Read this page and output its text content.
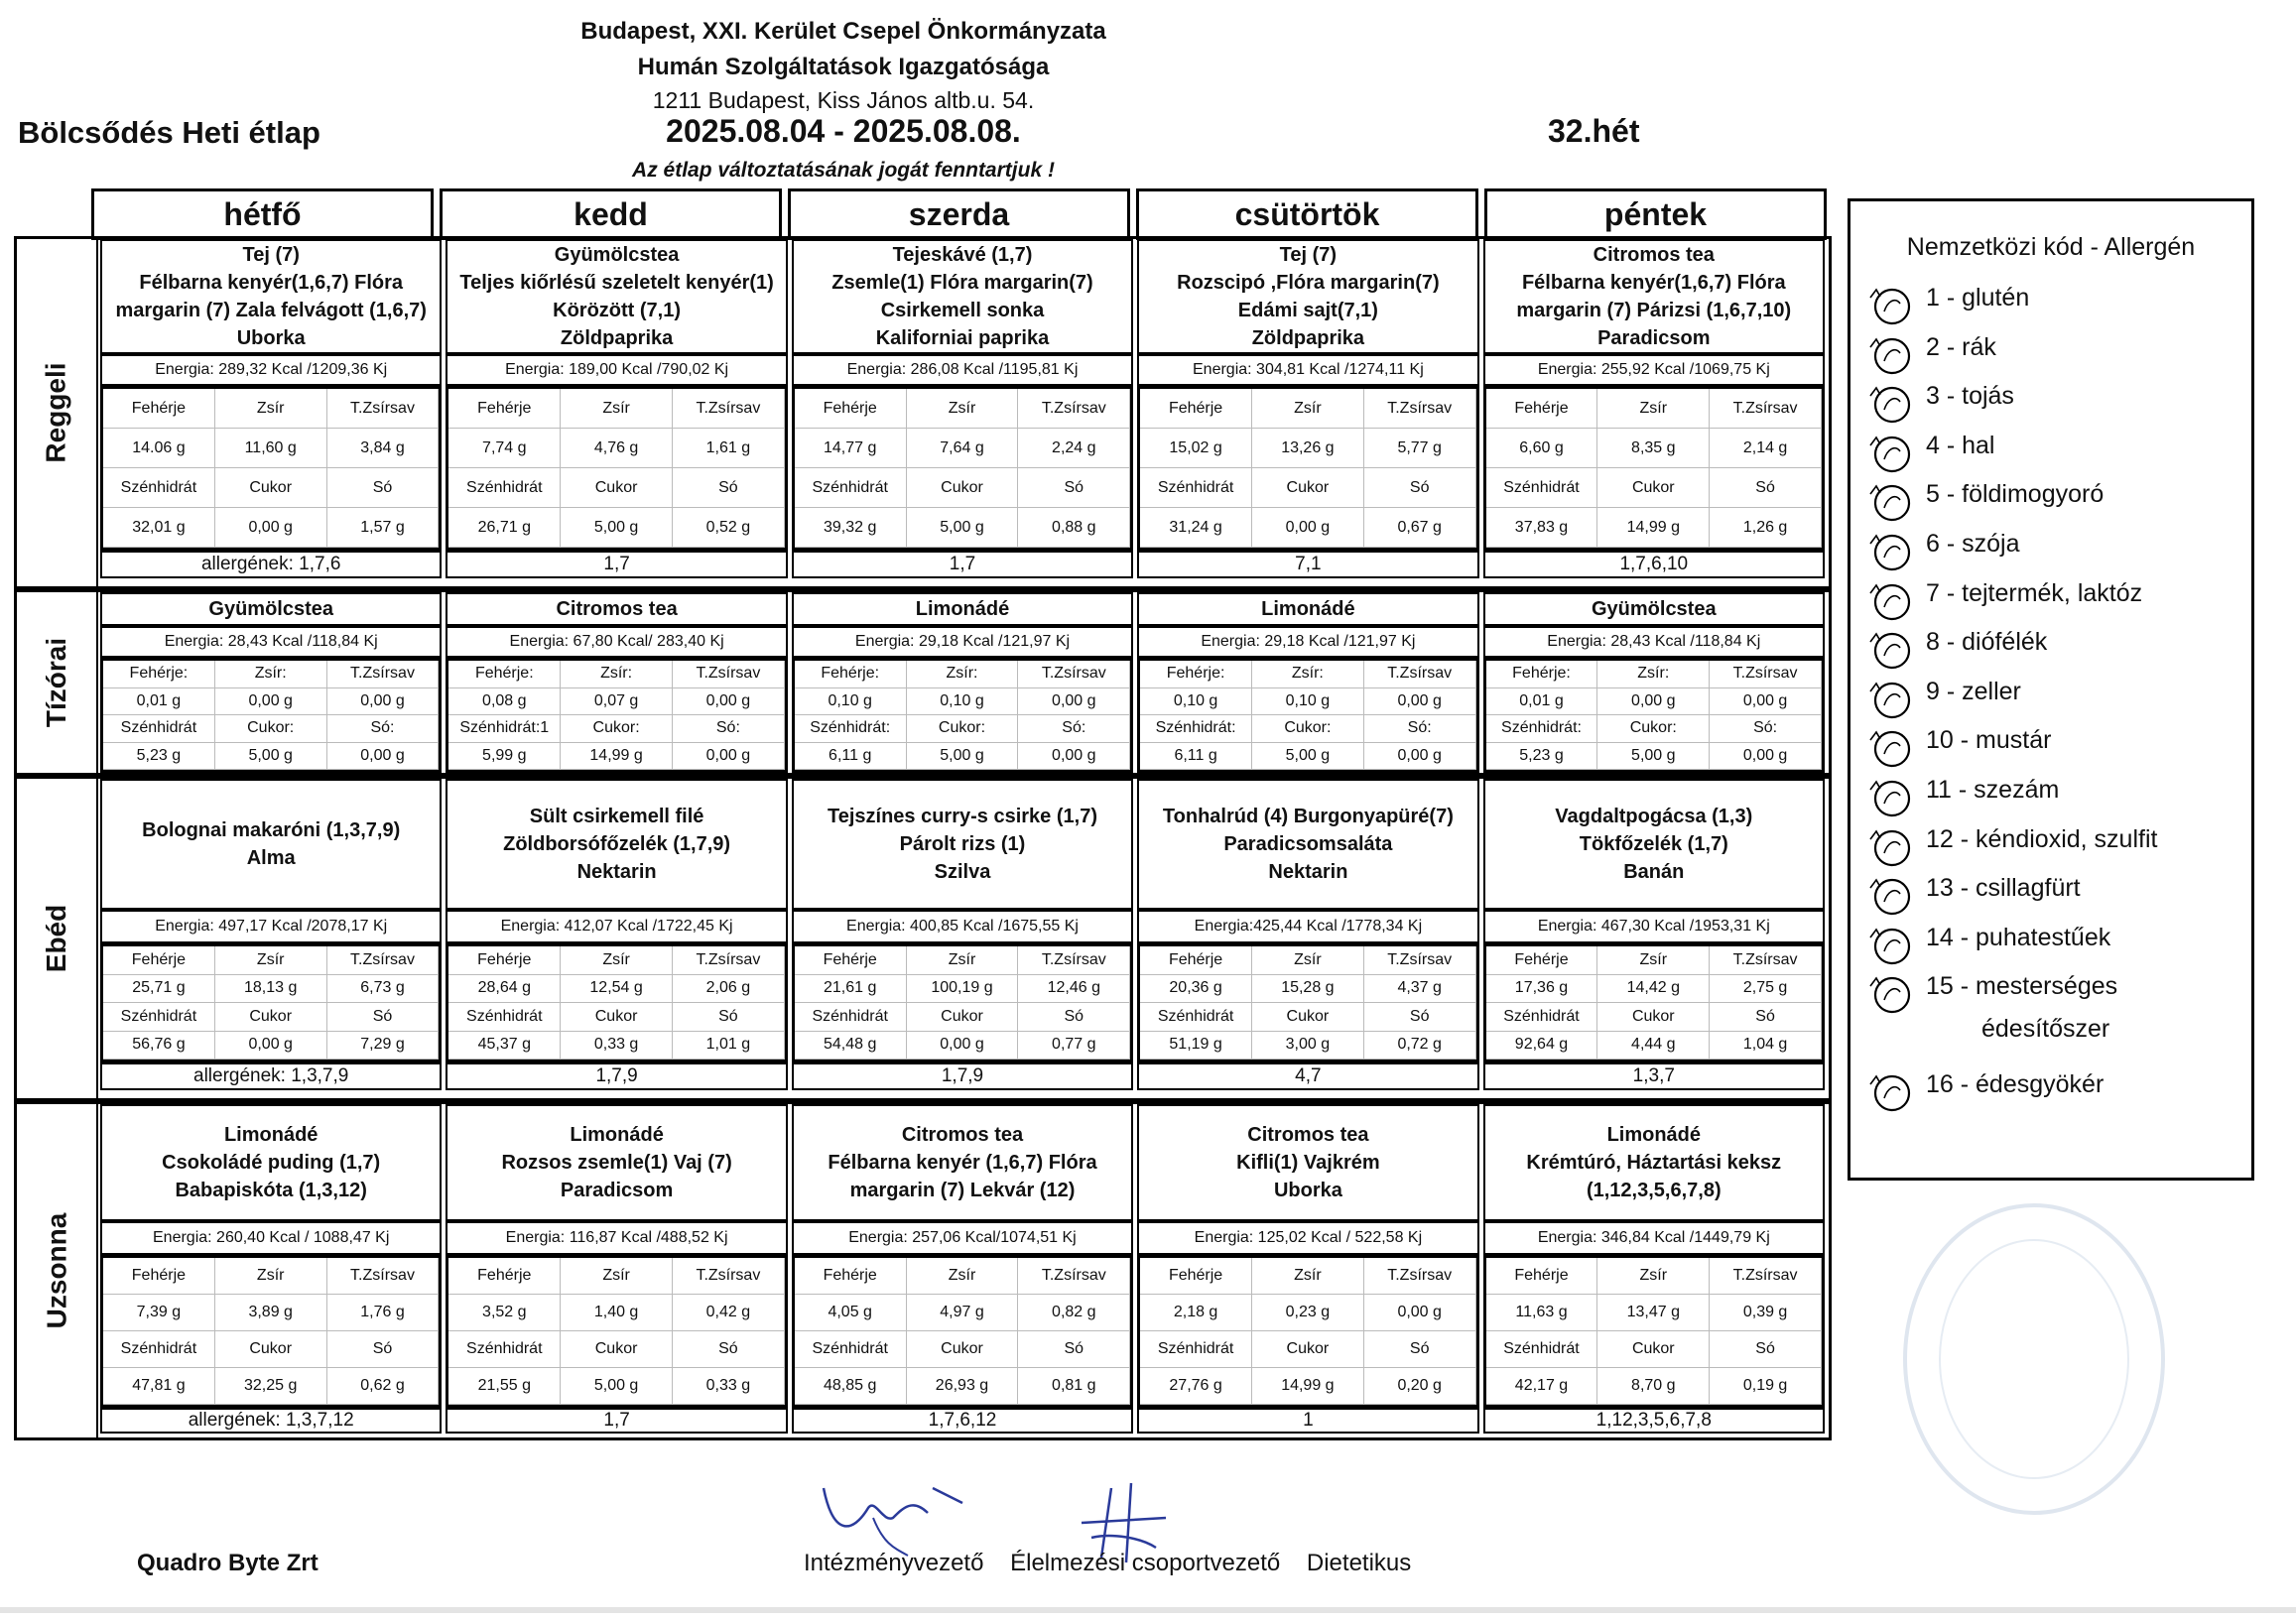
Budapest, XXI. Kerület Csepel Önkormányzata
Humán Szolgáltatások Igazgatósága
1211 Budapest, Kiss János altb.u. 54.
Bölcsődés Heti étlap	2025.08.04 - 2025.08.08.	32.hét
Az étlap változtatásának jogát fenntartjuk !
hétfő	kedd	szerda	csütörtök	péntek
Reggeli
Tej (7)
Félbarna kenyér(1,6,7) Flóra
margarin (7) Zala felvágott (1,6,7)
Uborka
Energia: 289,32 Kcal /1209,36 Kj
Fehérje	Zsír	T.Zsírsav
14.06 g	11,60 g	3,84 g
Szénhidrát	Cukor	Só
32,01 g	0,00 g	1,57 g
allergének: 1,7,6
Gyümölcstea
Teljes kiőrlésű szeletelt kenyér(1)
Körözött (7,1)
Zöldpaprika
Energia: 189,00 Kcal /790,02 Kj
Fehérje	Zsír	T.Zsírsav
7,74 g	4,76 g	1,61 g
Szénhidrát	Cukor	Só
26,71 g	5,00 g	0,52 g
1,7
Tejeskávé (1,7)
Zsemle(1) Flóra margarin(7)
Csirkemell sonka
Kaliforniai paprika
Energia: 286,08 Kcal /1195,81 Kj
Fehérje	Zsír	T.Zsírsav
14,77 g	7,64 g	2,24 g
Szénhidrát	Cukor	Só
39,32 g	5,00 g	0,88 g
1,7
Tej (7)
Rozscipó ,Flóra margarin(7)
Edámi sajt(7,1)
Zöldpaprika
Energia: 304,81 Kcal /1274,11 Kj
Fehérje	Zsír	T.Zsírsav
15,02 g	13,26 g	5,77 g
Szénhidrát	Cukor	Só
31,24 g	0,00 g	0,67 g
7,1
Citromos tea
Félbarna kenyér(1,6,7) Flóra
margarin (7) Párizsi (1,6,7,10)
Paradicsom
Energia: 255,92 Kcal /1069,75 Kj
Fehérje	Zsír	T.Zsírsav
6,60 g	8,35 g	2,14 g
Szénhidrát	Cukor	Só
37,83 g	14,99 g	1,26 g
1,7,6,10
Tízórai
Gyümölcstea
Energia: 28,43 Kcal /118,84 Kj
Fehérje:	Zsír:	T.Zsírsav
0,01 g	0,00 g	0,00 g
Szénhidrát	Cukor:	Só:
5,23 g	5,00 g	0,00 g
Citromos tea
Energia: 67,80 Kcal/ 283,40 Kj
Fehérje:	Zsír:	T.Zsírsav
0,08 g	0,07 g	0,00 g
Szénhidrát:1	Cukor:	Só:
5,99 g	14,99 g	0,00 g
Limonádé
Energia: 29,18 Kcal /121,97 Kj
Fehérje:	Zsír:	T.Zsírsav
0,10 g	0,10 g	0,00 g
Szénhidrát:	Cukor:	Só:
6,11 g	5,00 g	0,00 g
Limonádé
Energia: 29,18 Kcal /121,97 Kj
Fehérje:	Zsír:	T.Zsírsav
0,10 g	0,10 g	0,00 g
Szénhidrát:	Cukor:	Só:
6,11 g	5,00 g	0,00 g
Gyümölcstea
Energia: 28,43 Kcal /118,84 Kj
Fehérje:	Zsír:	T.Zsírsav
0,01 g	0,00 g	0,00 g
Szénhidrát:	Cukor:	Só:
5,23 g	5,00 g	0,00 g
Ebéd
Bolognai makaróni (1,3,7,9)
Alma
Energia: 497,17 Kcal /2078,17 Kj
Fehérje	Zsír	T.Zsírsav
25,71 g	18,13 g	6,73 g
Szénhidrát	Cukor	Só
56,76 g	0,00 g	7,29 g
allergének: 1,3,7,9
Sült csirkemell filé
Zöldborsófőzelék (1,7,9)
Nektarin
Energia: 412,07 Kcal /1722,45 Kj
Fehérje	Zsír	T.Zsírsav
28,64 g	12,54 g	2,06 g
Szénhidrát	Cukor	Só
45,37 g	0,33 g	1,01 g
1,7,9
Tejszínes curry-s csirke (1,7)
Párolt rizs (1)
Szilva
Energia: 400,85 Kcal /1675,55 Kj
Fehérje	Zsír	T.Zsírsav
21,61 g	100,19 g	12,46 g
Szénhidrát	Cukor	Só
54,48 g	0,00 g	0,77 g
1,7,9
Tonhalrúd (4) Burgonyapüré(7)
Paradicsomsaláta
Nektarin
Energia:425,44 Kcal /1778,34 Kj
Fehérje	Zsír	T.Zsírsav
20,36 g	15,28 g	4,37 g
Szénhidrát	Cukor	Só
51,19 g	3,00 g	0,72 g
4,7
Vagdaltpogácsa (1,3)
Tökfőzelék (1,7)
Banán
Energia: 467,30 Kcal /1953,31 Kj
Fehérje	Zsír	T.Zsírsav
17,36 g	14,42 g	2,75 g
Szénhidrát	Cukor	Só
92,64 g	4,44 g	1,04 g
1,3,7
Uzsonna
Limonádé
Csokoládé puding (1,7)
Babapiskóta (1,3,12)
Energia: 260,40 Kcal / 1088,47 Kj
Fehérje	Zsír	T.Zsírsav
7,39 g	3,89 g	1,76 g
Szénhidrát	Cukor	Só
47,81 g	32,25 g	0,62 g
allergének: 1,3,7,12
Limonádé
Rozsos zsemle(1) Vaj (7)
Paradicsom
Energia: 116,87 Kcal /488,52 Kj
Fehérje	Zsír	T.Zsírsav
3,52 g	1,40 g	0,42 g
Szénhidrát	Cukor	Só
21,55 g	5,00 g	0,33 g
1,7
Citromos tea
Félbarna kenyér (1,6,7) Flóra
margarin (7) Lekvár (12)
Energia: 257,06 Kcal/1074,51 Kj
Fehérje	Zsír	T.Zsírsav
4,05 g	4,97 g	0,82 g
Szénhidrát	Cukor	Só
48,85 g	26,93 g	0,81 g
1,7,6,12
Citromos tea
Kifli(1) Vajkrém
Uborka
Energia: 125,02 Kcal / 522,58 Kj
Fehérje	Zsír	T.Zsírsav
2,18 g	0,23 g	0,00 g
Szénhidrát	Cukor	Só
27,76 g	14,99 g	0,20 g
1
Limonádé
Krémtúró, Háztartási keksz
(1,12,3,5,6,7,8)
Energia: 346,84 Kcal /1449,79 Kj
Fehérje	Zsír	T.Zsírsav
11,63 g	13,47 g	0,39 g
Szénhidrát	Cukor	Só
42,17 g	8,70 g	0,19 g
1,12,3,5,6,7,8
Nemzetközi kód - Allergén
1 - glutén
2 - rák
3 - tojás
4 - hal
5 - földimogyoró
6 - szója
7 - tejtermék, laktóz
8 - diófélék
9 - zeller
10 - mustár
11 - szezám
12 - kéndioxid, szulfit
13 - csillagfürt
14 - puhatestűek
15 - mesterséges
édesítőszer
16 - édesgyökér
Quadro Byte Zrt	Intézményvezető    Élelmezési csoportvezető    Dietetikus
